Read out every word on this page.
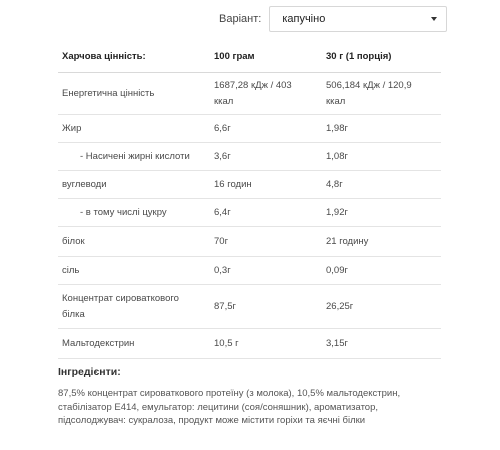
Варіант: капучіно
Харчова цінність:	100 грам	30 г (1 порція)
Енергетична цінність	1687,28 кДж / 403 ккал	506,184 кДж / 120,9 ккал
Жир	6,6г	1,98г
- Насичені жирні кислоти	3,6г	1,08г
вуглеводи	16 годин	4,8г
- в тому числі цукру	6,4г	1,92г
білок	70г	21 годину
сіль	0,3г	0,09г
Концентрат сироваткового білка	87,5г	26,25г
Мальтодекстрин	10,5 г	3,15г
Інгредієнти:
87,5% концентрат сироваткового протеїну (з молока), 10,5% мальтодекстрин, стабілізатор E414, емульгатор: лецитини (соя/соняшник), ароматизатор, підсолоджувач: сукралоза, продукт може містити горіхи та яєчні білки
